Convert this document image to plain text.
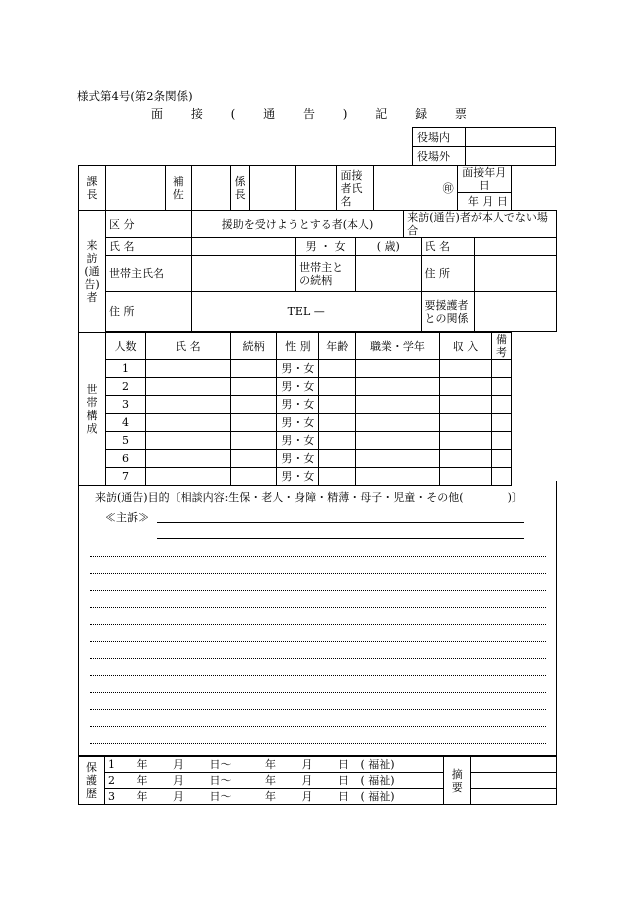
様式第4号(第2条関係)
面 接 ( 通 告 ) 記 録 票
役場内	
役場外	
課長			補佐		係長					面接者氏名		㊞				面接年月日		
																年 月 日		
来訪(通告)者	区 分			援助を受けようとする者(本人)									来訪(通告)者が本人でない場合					
	氏 名							男 ・ 女			( 歳)			氏 名				
	世帯主氏名							世帯主との続柄						住 所				
	住 所			TEL —										要援護者との関係				

世帯構成	人数	氏 名			続柄		性 別		年齢		職業・学年				収 入			備 考
	1						男・女											
	2						男・女											
	3						男・女											
	4						男・女											
	5						男・女											
	6						男・女											
	7						男・女											
来訪(通告)目的〔相談内容:生保・老人・身障・精薄・母子・児童・その他(　　　　)〕
≪主訴≫
保護歴	1 年 月 日〜 年 月 日 ( 福祉)	摘要	
	2 年 月 日〜 年 月 日 ( 福祉)		
	3 年 月 日〜 年 月 日 ( 福祉)		
